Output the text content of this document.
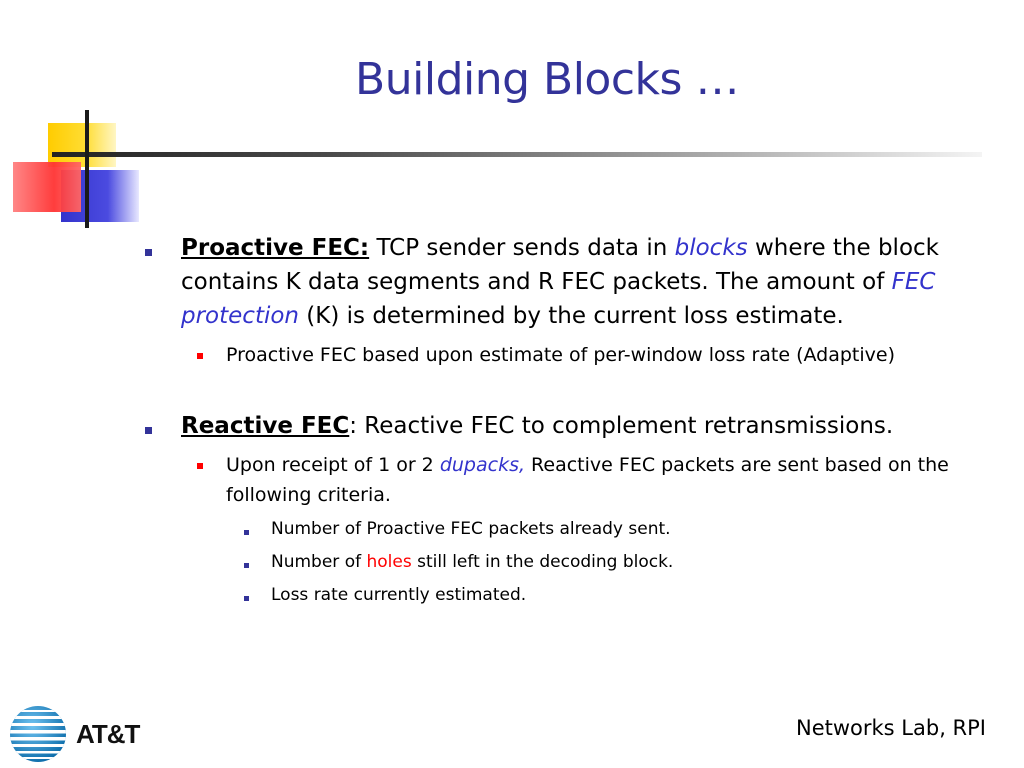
Building Blocks …
Proactive FEC: TCP sender sends data in blocks where the block contains K data segments and R FEC packets. The amount of FEC protection (K) is determined by the current loss estimate.
Proactive FEC based upon estimate of per-window loss rate (Adaptive)
Reactive FEC: Reactive FEC to complement retransmissions.
Upon receipt of 1 or 2 dupacks, Reactive FEC packets are sent based on the following criteria.
Number of Proactive FEC packets already sent.
Number of holes still left in the decoding block.
Loss rate currently estimated.
AT&T	Networks Lab, RPI
